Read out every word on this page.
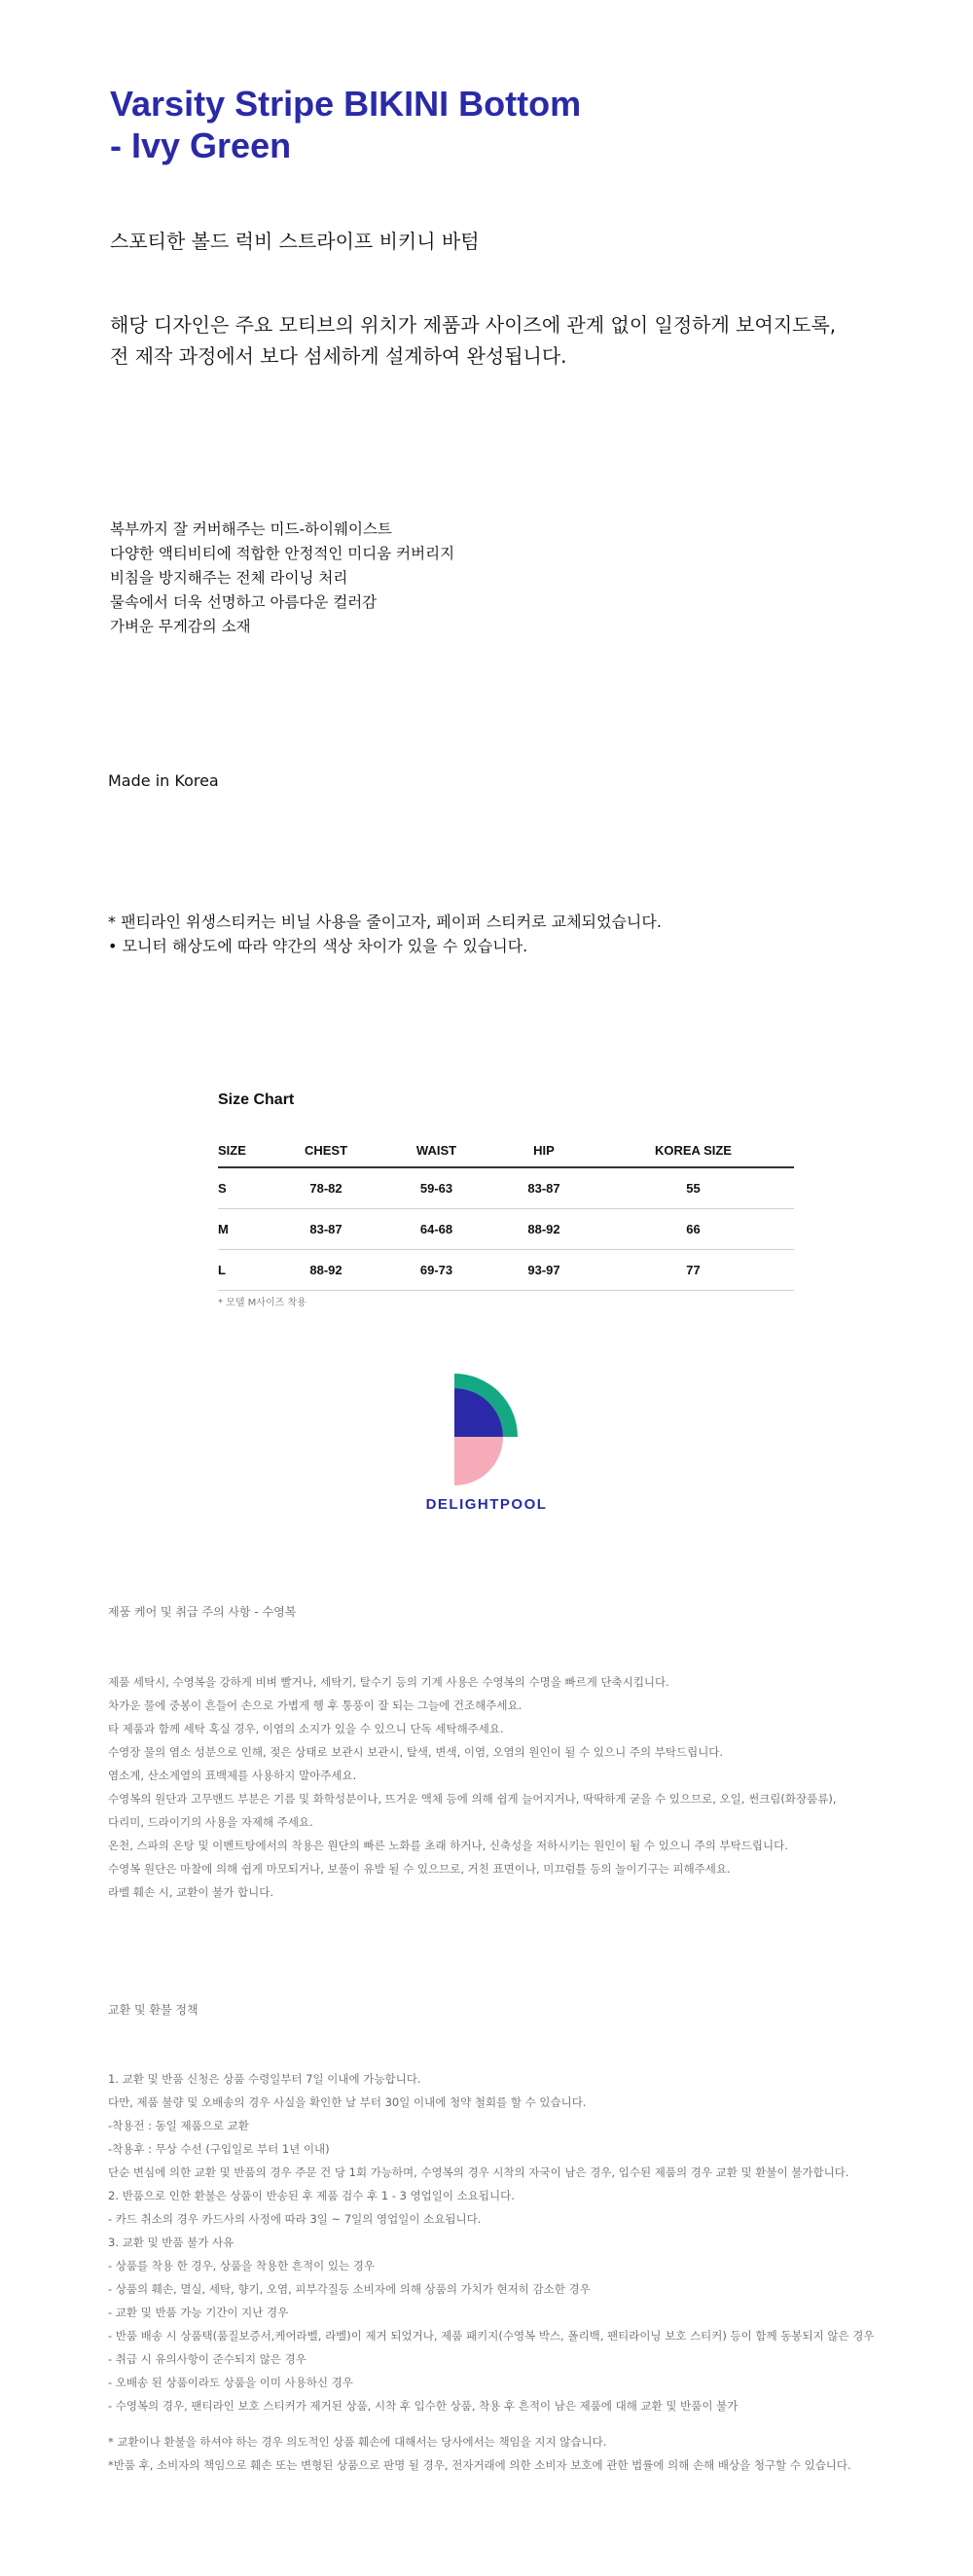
Varsity Stripe BIKINI Bottom
- Ivy Green
스포티한 볼드 럭비 스트라이프 비키니 바텀
해당 디자인은 주요 모티브의 위치가 제품과 사이즈에 관계 없이 일정하게 보여지도록,
전 제작 과정에서 보다 섬세하게 설계하여 완성됩니다.
복부까지 잘 커버해주는 미드-하이웨이스트
다양한 액티비티에 적합한 안정적인 미디움 커버리지
비침을 방지해주는 전체 라이닝 처리
물속에서 더욱 선명하고 아름다운 컬러감
가벼운 무게감의 소재
Made in Korea
* 팬티라인 위생스티커는 비닐 사용을 줄이고자, 페이퍼 스티커로 교체되었습니다.
• 모니터 해상도에 따라 약간의 색상 차이가 있을 수 있습니다.
Size Chart
SIZE	CHEST	WAIST	HIP	KOREA SIZE
S	78-82	59-63	83-87	55
M	83-87	64-68	88-92	66
L	88-92	69-73	93-97	77
* 모델 M사이즈 착용
DELIGHTPOOL
제품 케어 및 취급 주의 사항 - 수영복
제품 세탁시, 수영복을 강하게 비벼 빨거나, 세탁기, 탈수기 등의 기계 사용은 수영복의 수명을 빠르게 단축시킵니다.
차가운 물에 중봉이 흔들어 손으로 가볍게 헹 후 통풍이 잘 되는 그늘에 건조해주세요.
타 제품과 함께 세탁 혹실 경우, 이염의 소지가 있을 수 있으니 단독 세탁해주세요.
수영장 물의 염소 성분으로 인해, 젖은 상태로 보관시 보관시, 탈색, 변색, 이염, 오염의 원인이 될 수 있으니 주의 부탁드립니다.
염소계, 산소계열의 표백제를 사용하지 말아주세요.
수영복의 원단과 고무밴드 부분은 기름 및 화학성분이나, 뜨거운 액체 등에 의해 쉽게 늘어지거나, 딱딱하게 굳을 수 있으므로, 오일, 썬크림(화장품류),
다리미, 드라이기의 사용을 자제해 주세요.
온천, 스파의 온탕 및 이벤트탕에서의 착용은 원단의 빠른 노화를 초래 하거나, 신축성을 저하시키는 원인이 될 수 있으니 주의 부탁드립니다.
수영복 원단은 마찰에 의해 쉽게 마모되거나, 보풀이 유발 될 수 있으므로, 거친 표면이나, 미끄럼틀 등의 놀이기구는 피해주세요.
라벨 훼손 시, 교환이 불가 합니다.
교환 및 환불 정책
1. 교환 및 반품 신청은 상품 수령일부터 7일 이내에 가능합니다.
다만, 제품 불량 및 오배송의 경우 사실을 확인한 날 부터 30일 이내에 청약 철회를 할 수 있습니다.
-착용전 : 동일 제품으로 교환
-착용후 : 무상 수선 (구입일로 부터 1년 이내)
단순 변심에 의한 교환 및 반품의 경우 주문 건 당 1회 가능하며, 수영복의 경우 시착의 자국이 남은 경우, 입수된 제품의 경우 교환 및 환불이 불가합니다.
2. 반품으로 인한 환불은 상품이 반송된 후 제품 검수 후 1 - 3 영업일이 소요됩니다.
- 카드 취소의 경우 카드사의 사정에 따라 3일 ~ 7일의 영업일이 소요됩니다.
3. 교환 및 반품 불가 사유
- 상품를 착용 한 경우, 상품을 착용한 흔적이 있는 경우
- 상품의 훼손, 멸실, 세탁, 향기, 오염, 피부각질등 소비자에 의해 상품의 가치가 현저히 감소한 경우
- 교환 및 반품 가능 기간이 지난 경우
- 반품 배송 시 상품택(품질보증서,케어라벨, 라벨)이 제거 되었거나, 제품 패키지(수영복 박스, 폴리백, 팬티라이닝 보호 스티커) 등이 함께 동봉되지 않은 경우
- 취급 시 유의사항이 준수되지 않은 경우
- 오배송 된 상품이라도 상품을 이미 사용하신 경우
- 수영복의 경우, 팬티라인 보호 스티커가 제거된 상품, 시착 후 입수한 상품, 착용 후 흔적이 남은 제품에 대해 교환 및 반품이 불가
* 교환이나 환불을 하셔야 하는 경우 의도적인 상품 훼손에 대해서는 당사에서는 책임을 지지 않습니다.
*반품 후, 소비자의 책임으로 훼손 또는 변형된 상품으로 판명 될 경우, 전자거래에 의한 소비자 보호에 관한 법률에 의해 손해 배상을 청구할 수 있습니다.
